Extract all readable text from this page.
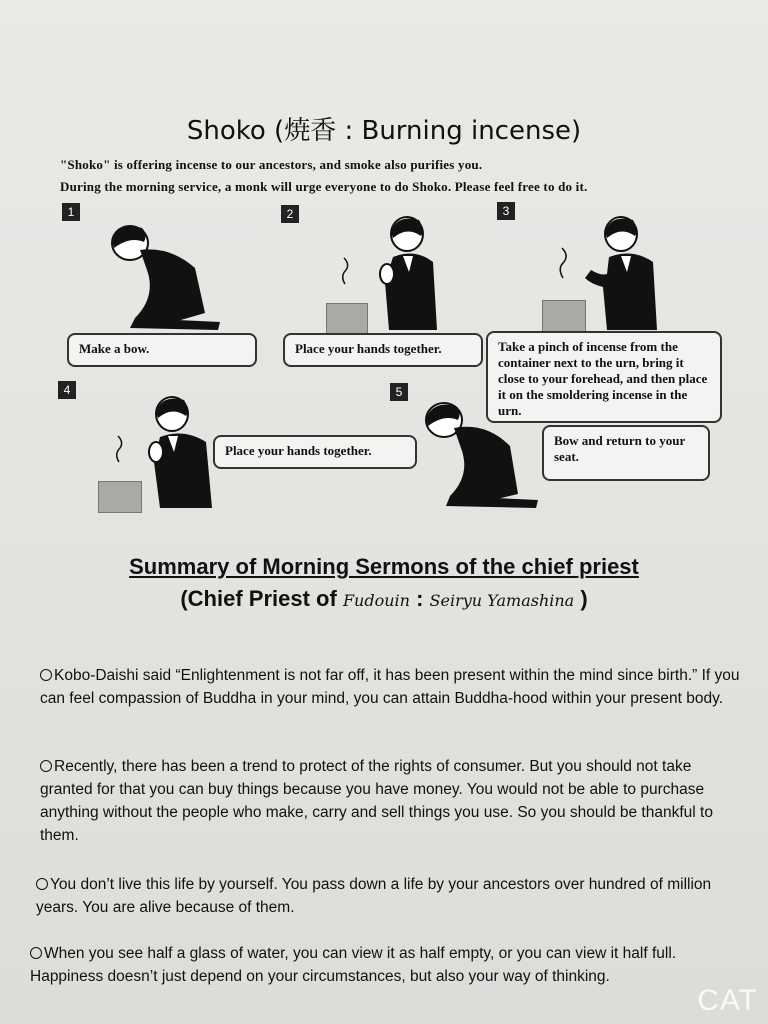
Shoko (焼香 : Burning incense)
"Shoko" is offering incense to our ancestors, and smoke also purifies you.
During the morning service, a monk will urge everyone to do Shoko. Please feel free to do it.
1
Make a bow.
2
Place your hands together.
3
Take a pinch of incense from the container next to the urn, bring it close to your forehead, and then place it on the smoldering incense in the urn.
4
Place your hands together.
5
Bow and return to your seat.
Summary of Morning Sermons of the chief priest
(Chief Priest of Fudouin : Seiryu Yamashina )
Kobo-Daishi said “Enlightenment is not far off, it has been present within the mind since birth.” If you can feel compassion of Buddha in your mind, you can attain Buddha-hood within your present body.
Recently, there has been a trend to protect of the rights of consumer. But you should not take granted for that you can buy things because you have money. You would not be able to purchase anything without the people who make, carry and sell things you use. So you should be thankful to them.
You don’t live this life by yourself. You pass down a life by your ancestors over hundred of million years. You are alive because of them.
When you see half a glass of water, you can view it as half empty, or you can view it half full. Happiness doesn’t just depend on your circumstances, but also your way of thinking.
CAT
